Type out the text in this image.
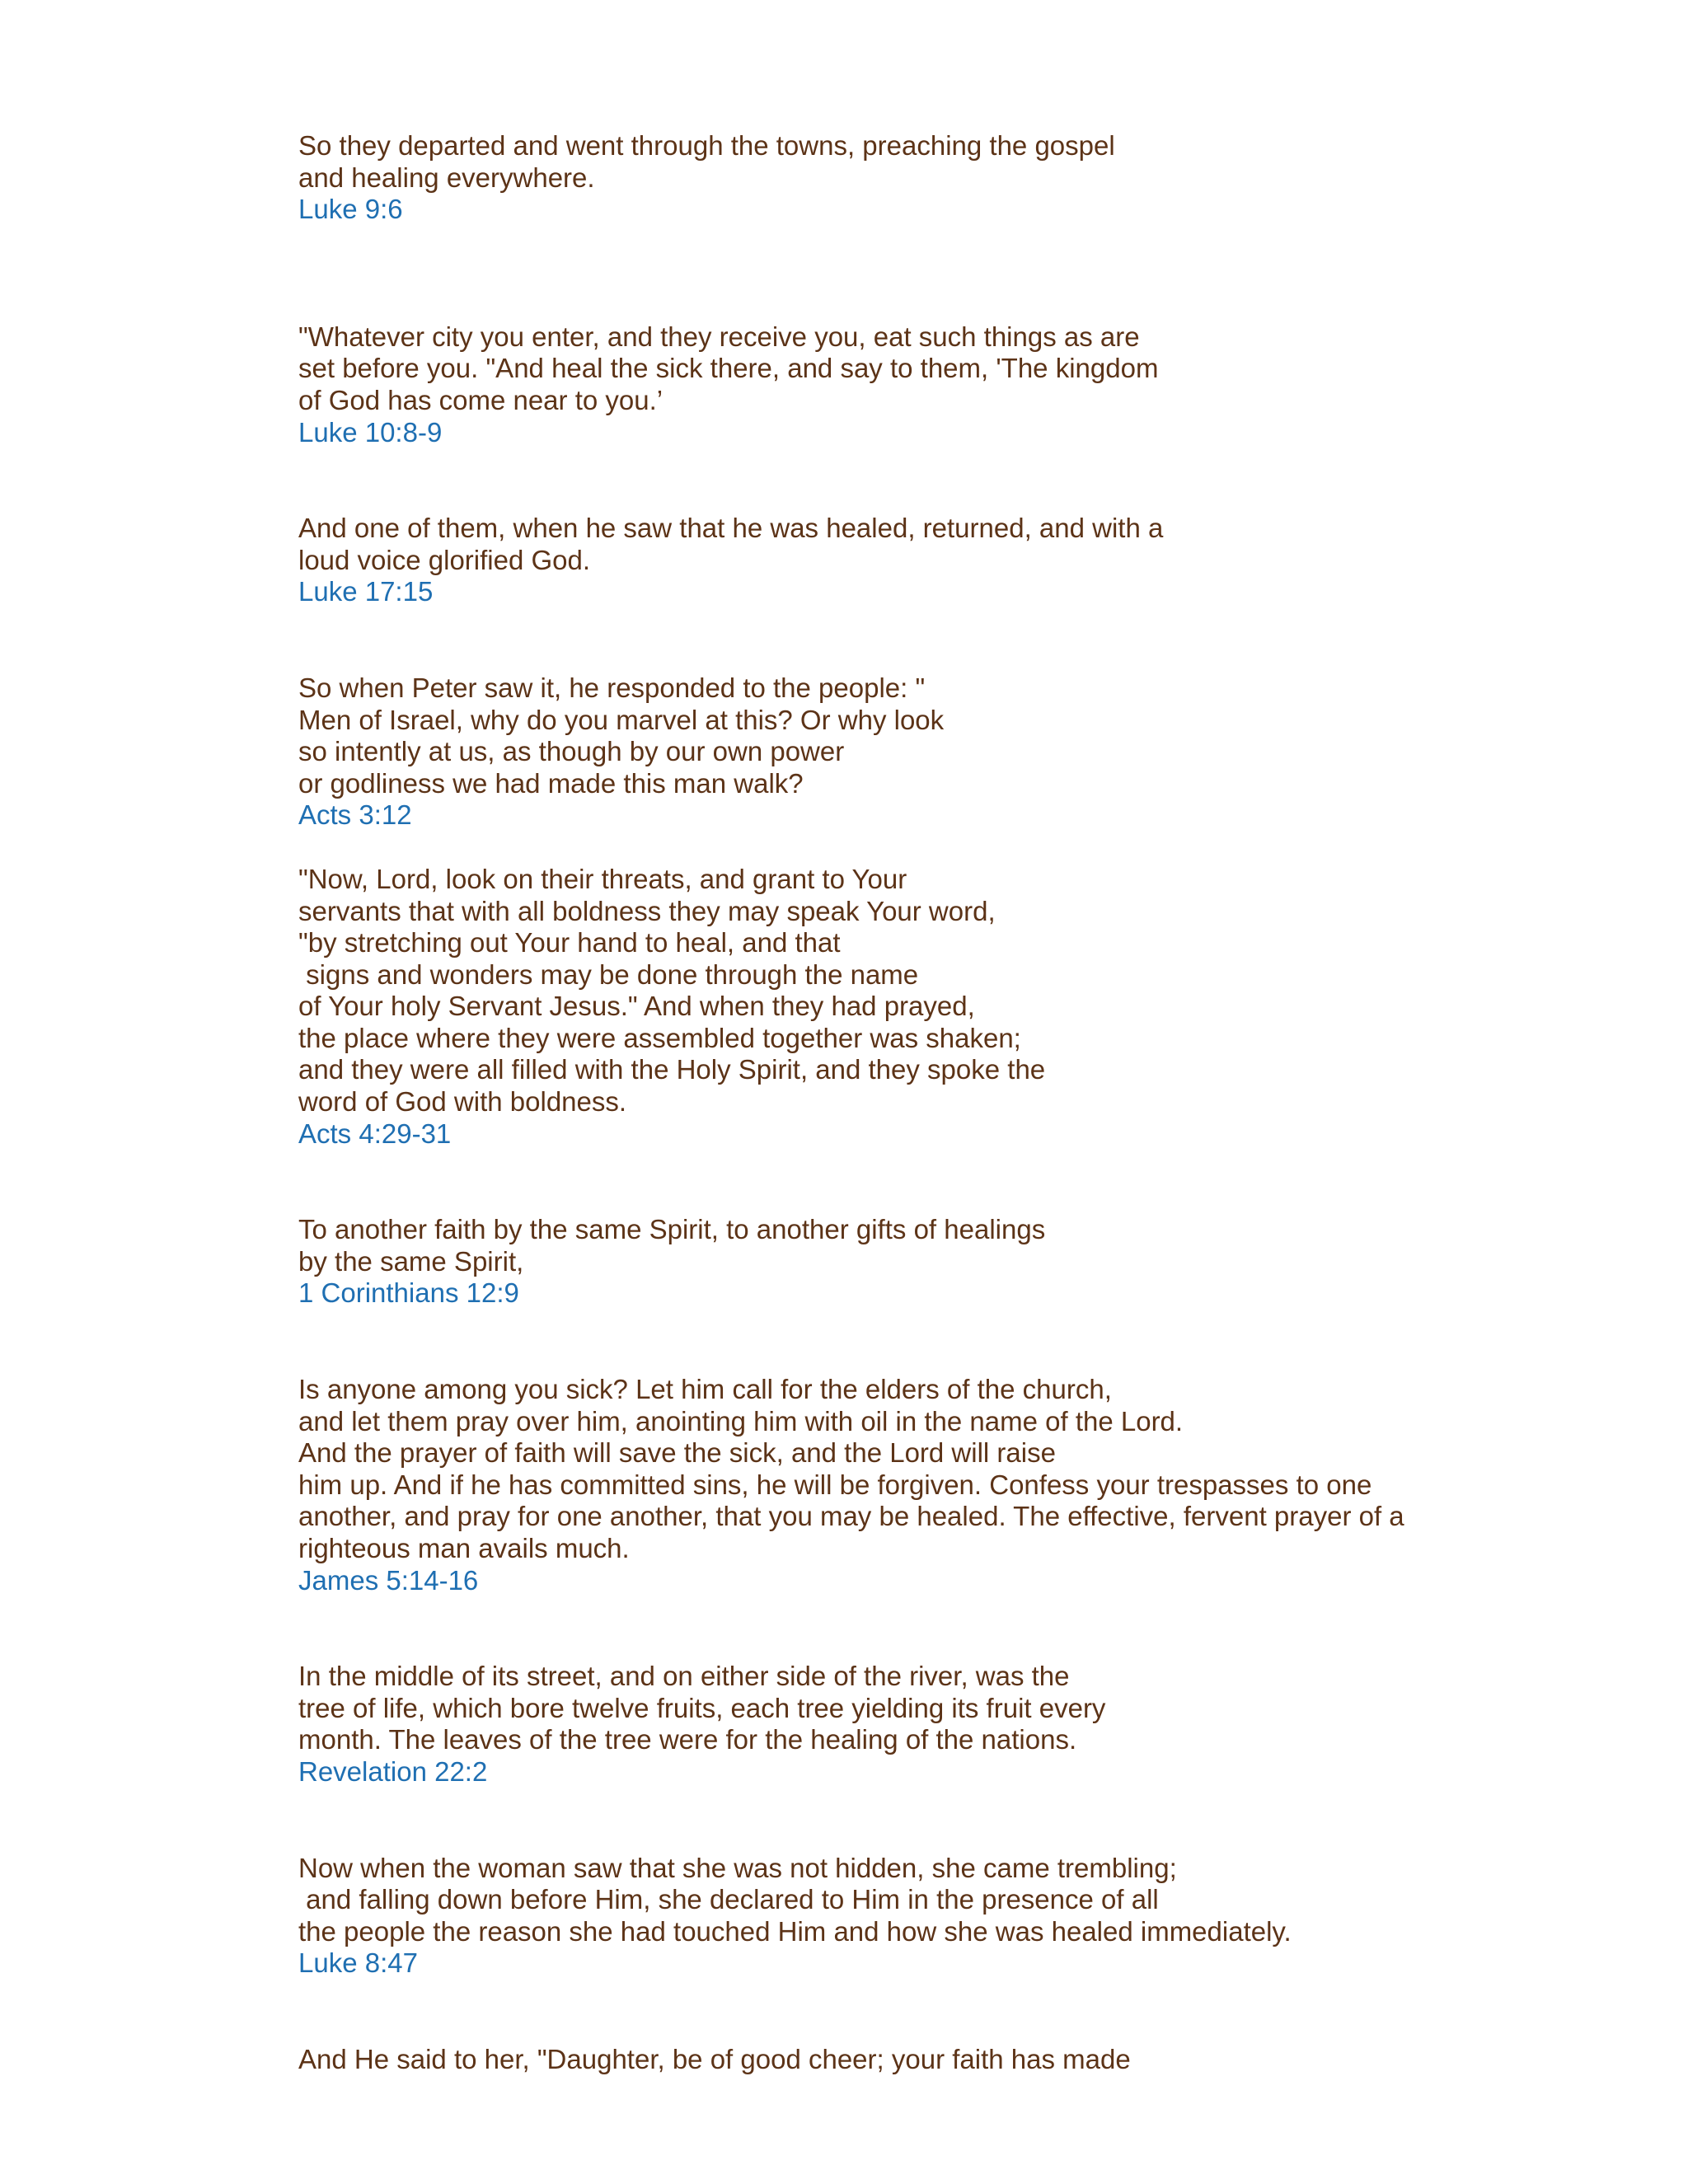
So they departed and went through the towns, preaching the gospel
and healing everywhere.
Luke 9:6
"Whatever city you enter, and they receive you, eat such things as are
set before you. "And heal the sick there, and say to them, 'The kingdom
of God has come near to you.’
Luke 10:8-9
And one of them, when he saw that he was healed, returned, and with a
loud voice glorified God.
Luke 17:15
So when Peter saw it, he responded to the people: "
Men of Israel, why do you marvel at this? Or why look
so intently at us, as though by our own power
or godliness we had made this man walk?
Acts 3:12
"Now, Lord, look on their threats, and grant to Your
servants that with all boldness they may speak Your word,
"by stretching out Your hand to heal, and that
signs and wonders may be done through the name
of Your holy Servant Jesus." And when they had prayed,
the place where they were assembled together was shaken;
and they were all filled with the Holy Spirit, and they spoke the
word of God with boldness.
Acts 4:29-31
To another faith by the same Spirit, to another gifts of healings
by the same Spirit,
1 Corinthians 12:9
Is anyone among you sick? Let him call for the elders of the church,
and let them pray over him, anointing him with oil in the name of the Lord.
And the prayer of faith will save the sick, and the Lord will raise
him up. And if he has committed sins, he will be forgiven. Confess your trespasses to one
another, and pray for one another, that you may be healed. The effective, fervent prayer of a
righteous man avails much.
James 5:14-16
In the middle of its street, and on either side of the river, was the
tree of life, which bore twelve fruits, each tree yielding its fruit every
month. The leaves of the tree were for the healing of the nations.
Revelation 22:2
Now when the woman saw that she was not hidden, she came trembling;
and falling down before Him, she declared to Him in the presence of all
the people the reason she had touched Him and how she was healed immediately.
Luke 8:47
And He said to her, "Daughter, be of good cheer; your faith has made
